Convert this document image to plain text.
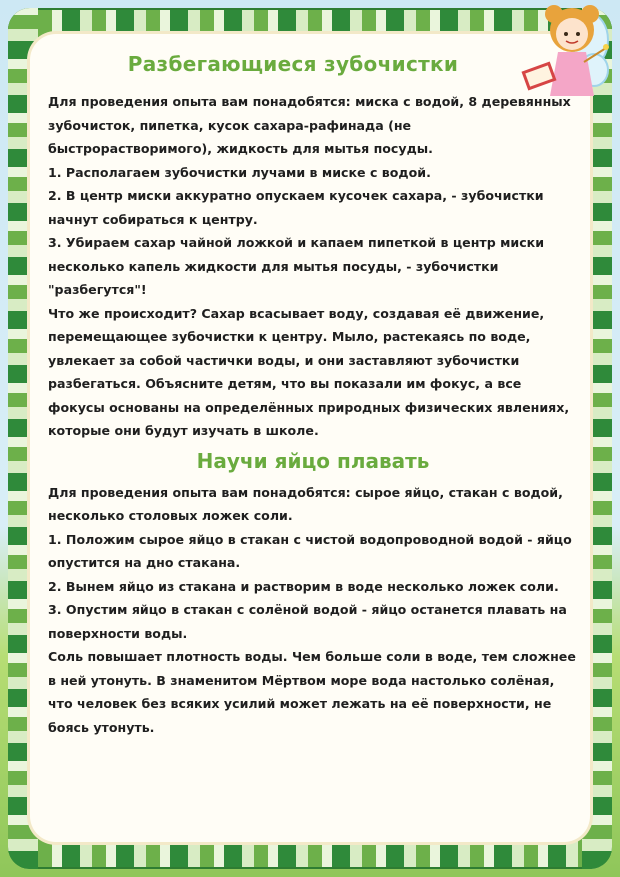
Разбегающиеся зубочистки

Для проведения опыта вам понадобятся: миска с водой, 8 деревянных зубочисток, пипетка, кусок сахара-рафинада (не быстрорастворимого), жидкость для мытья посуды.

1. Располагаем зубочистки лучами в миске с водой.

2. В центр миски аккуратно опускаем кусочек сахара, - зубочистки начнут собираться к центру.

3. Убираем сахар чайной ложкой и капаем пипеткой в центр миски несколько капель жидкости для мытья посуды, - зубочистки "разбегутся"!

Что же происходит? Сахар всасывает воду, создавая её движение, перемещающее зубочистки к центру. Мыло, растекаясь по воде, увлекает за собой частички воды, и они заставляют зубочистки разбегаться. Объясните детям, что вы показали им фокус, а все фокусы основаны на определённых природных физических явлениях, которые они будут изучать в школе.

Научи яйцо плавать

Для проведения опыта вам понадобятся: сырое яйцо, стакан с водой, несколько столовых ложек соли.

1. Положим сырое яйцо в стакан с чистой водопроводной водой - яйцо опустится на дно стакана.

2. Вынем яйцо из стакана и растворим в воде несколько ложек соли.

3. Опустим яйцо в стакан с солёной водой - яйцо останется плавать на поверхности воды.

Соль повышает плотность воды. Чем больше соли в воде, тем сложнее в ней утонуть. В знаменитом Мёртвом море вода настолько солёная, что человек без всяких усилий может лежать на её поверхности, не боясь утонуть.
